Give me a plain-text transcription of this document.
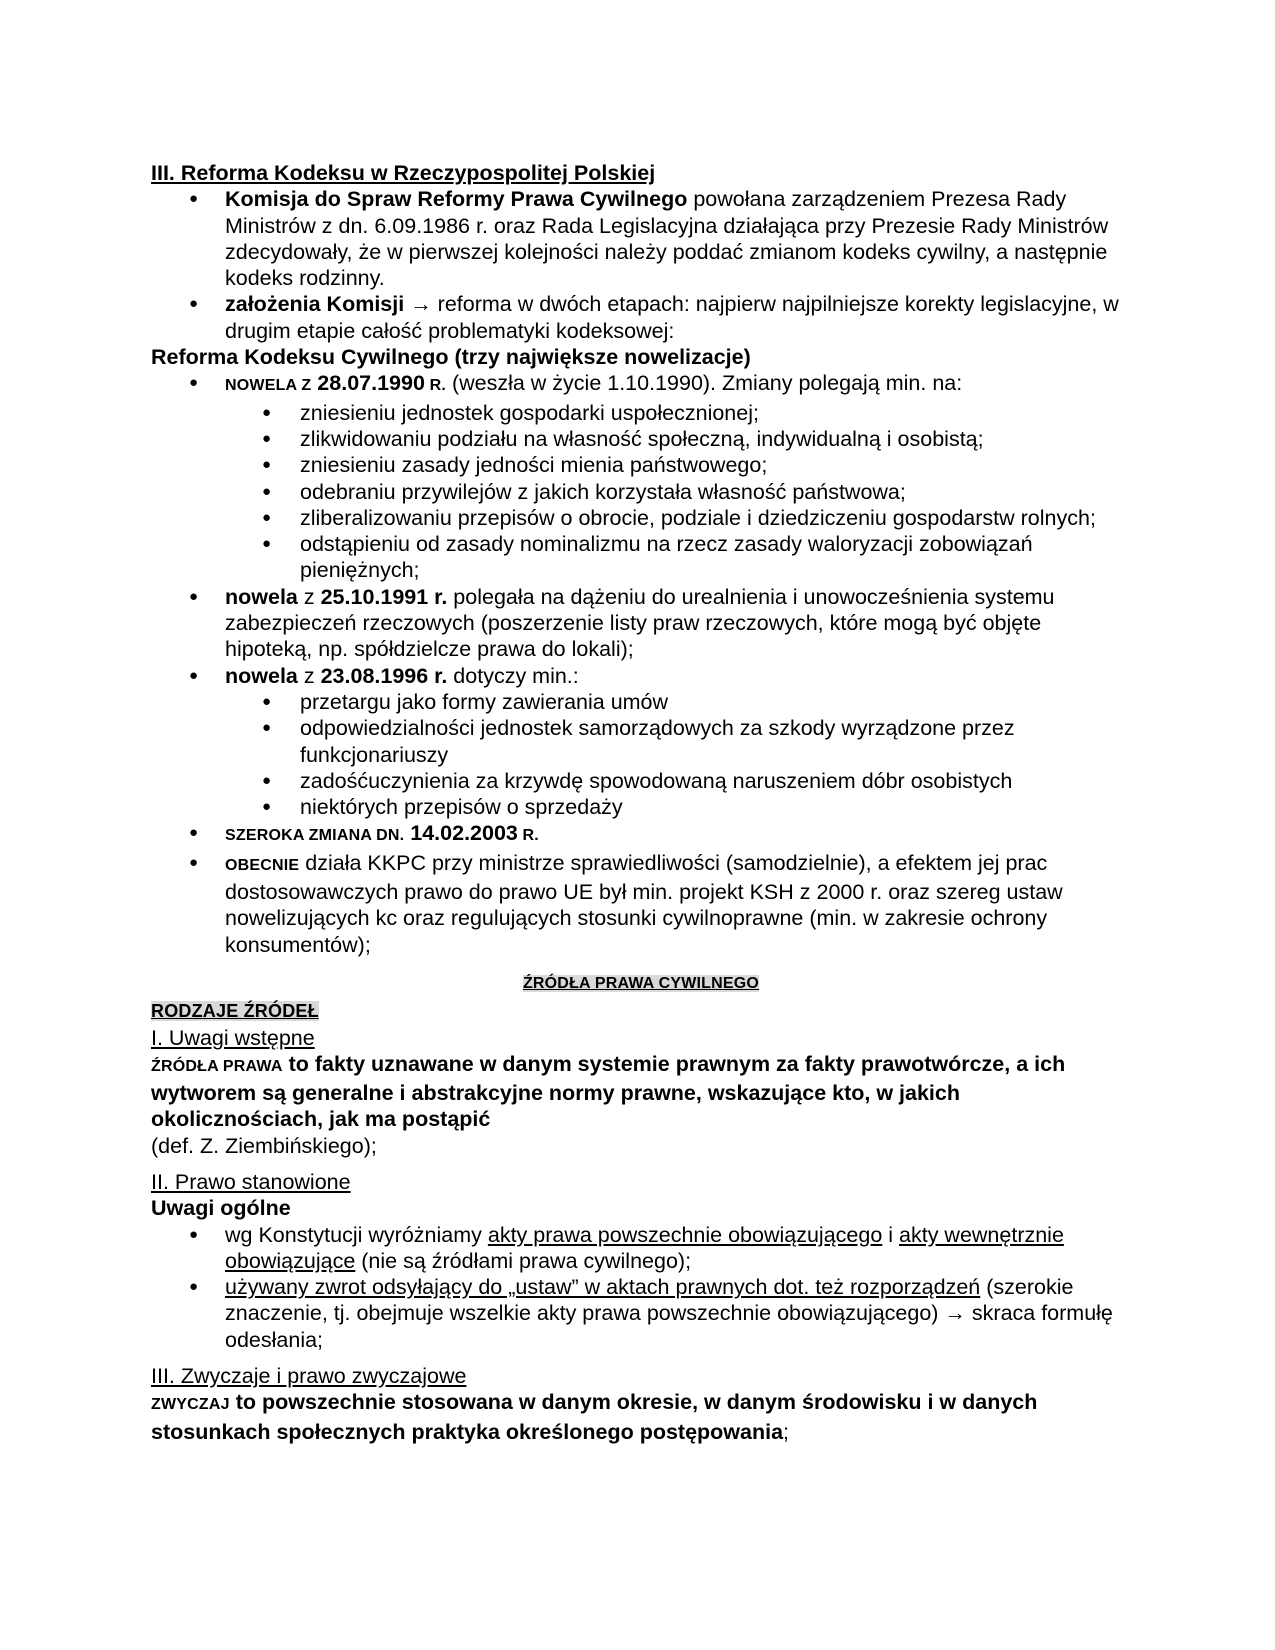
III. Reforma Kodeksu w Rzeczypospolitej Polskiej

● Komisja do Spraw Reformy Prawa Cywilnego powołana zarządzeniem Prezesa Rady Ministrów z dn. 6.09.1986 r. oraz Rada Legislacyjna działająca przy Prezesie Rady Ministrów zdecydowały, że w pierwszej kolejności należy poddać zmianom kodeks cywilny, a następnie kodeks rodzinny.
● założenia Komisji → reforma w dwóch etapach: najpierw najpilniejsze korekty legislacyjne, w drugim etapie całość problematyki kodeksowej:

Reforma Kodeksu Cywilnego (trzy największe nowelizacje)

● NOWELA Z 28.07.1990 R. (weszła w życie 1.10.1990). Zmiany polegają min. na:
● zniesieniu jednostek gospodarki uspołecznionej;
● zlikwidowaniu podziału na własność społeczną, indywidualną i osobistą;
● zniesieniu zasady jedności mienia państwowego;
● odebraniu przywilejów z jakich korzystała własność państwowa;
● zliberalizowaniu przepisów o obrocie, podziale i dziedziczeniu gospodarstw rolnych;
● odstąpieniu od zasady nominalizmu na rzecz zasady waloryzacji zobowiązań pieniężnych;
● nowela z 25.10.1991 r. polegała na dążeniu do urealnienia i unowocześnienia systemu zabezpieczeń rzeczowych (poszerzenie listy praw rzeczowych, które mogą być objęte hipoteką, np. spółdzielcze prawa do lokali);
● nowela z 23.08.1996 r. dotyczy min.:
● przetargu jako formy zawierania umów
● odpowiedzialności jednostek samorządowych za szkody wyrządzone przez funkcjonariuszy
● zadośćuczynienia za krzywdę spowodowaną naruszeniem dóbr osobistych
● niektórych przepisów o sprzedaży
● SZEROKA ZMIANA DN. 14.02.2003 R.
● OBECNIE działa KKPC przy ministrze sprawiedliwości (samodzielnie), a efektem jej prac dostosowawczych prawo do prawo UE był min. projekt KSH z 2000 r. oraz szereg ustaw nowelizujących kc oraz regulujących stosunki cywilnoprawne (min. w zakresie ochrony konsumentów);

ŹRÓDŁA PRAWA CYWILNEGO

RODZAJE ŹRÓDEŁ

I. Uwagi wstępne

ŹRÓDŁA PRAWA to fakty uznawane w danym systemie prawnym za fakty prawotwórcze, a ich wytworem są generalne i abstrakcyjne normy prawne, wskazujące kto, w jakich okolicznościach, jak ma postąpić

(def. Z. Ziembińskiego);

II. Prawo stanowione

Uwagi ogólne

● wg Konstytucji wyróżniamy akty prawa powszechnie obowiązującego i akty wewnętrznie obowiązujące (nie są źródłami prawa cywilnego);
● używany zwrot odsyłający do „ustaw” w aktach prawnych dot. też rozporządzeń (szerokie znaczenie, tj. obejmuje wszelkie akty prawa powszechnie obowiązującego) → skraca formułę odesłania;

III. Zwyczaje i prawo zwyczajowe

ZWYCZAJ to powszechnie stosowana w danym okresie, w danym środowisku i w danych stosunkach społecznych praktyka określonego postępowania;
